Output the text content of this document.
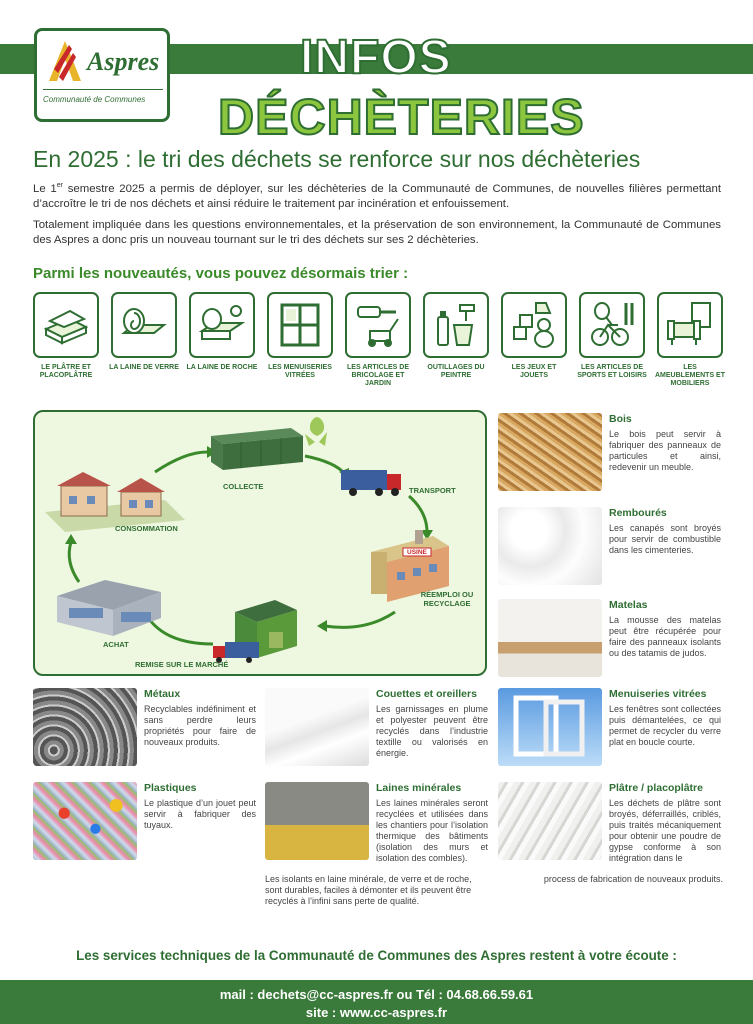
Aspres
Communauté de Communes
INFOS
DÉCHÈTERIES
En 2025 : le tri des déchets se renforce sur nos déchèteries

Le 1er semestre 2025 a permis de déployer, sur les déchèteries de la Communauté de Communes, de nouvelles filières permettant d’accroître le tri de nos déchets et ainsi réduire le traitement par incinération et enfouissement.

Totalement impliquée dans les questions environnementales, et la préservation de son environnement, la Communauté de Communes des Aspres a donc pris un nouveau tournant sur le tri des déchets sur ses 2 déchèteries.

Parmi les nouveautés, vous pouvez désormais trier :
LE PLÂTRE ET PLACOPLÂTRE
LA LAINE DE VERRE	LA LAINE DE ROCHE	LES MENUISERIES VITRÉES
LES ARTICLES DE BRICOLAGE ET JARDIN
OUTILLAGES DU PEINTRE
LES JEUX ET JOUETS
LES ARTICLES DE SPORTS ET LOISIRS
LES AMEUBLEMENTS ET MOBILIERS
COLLECTE	TRANSPORT
RÉEMPLOI OU RECYCLAGE
REMISE SUR LE MARCHÉ
ACHAT
CONSOMMATION
USINE
Bois
Le bois peut servir à fabriquer des panneaux de particules et ainsi, redevenir un meuble.
Rembourés
Les canapés sont broyés pour servir de combustible dans les cimenteries.
Matelas
La mousse des matelas peut être récupérée pour faire des panneaux isolants ou des tatamis de judos.
Métaux
Recyclables indéfiniment et sans perdre leurs propriétés pour faire de nouveaux produits.
Plastiques
Le plastique d’un jouet peut servir à fabriquer des tuyaux.
Couettes et oreillers
Les garnissages en plume et polyester peuvent être recyclés dans l’industrie textille ou valorisés en énergie.
Laines minérales
Les laines minérales seront recyclées et utilisées dans les chantiers pour l’isolation thermique des bâtiments (isolation des murs et isolation des combles).
Les isolants en laine minérale, de verre et de roche, sont durables, faciles à démonter et ils peuvent être recyclés à l’infini sans perte de qualité.
Menuiseries vitrées
Les fenêtres sont collectées puis démantelées, ce qui permet de recycler du verre plat en boucle courte.
Plâtre / placoplâtre
Les déchets de plâtre sont broyés, déferraillés, criblés, puis traités mécaniquement pour obtenir une poudre de gypse conforme à son intégration dans le
process de fabrication de nouveaux produits.
Les services techniques de la Communauté de Communes des Aspres restent à votre écoute :
mail : dechets@cc-aspres.fr ou Tél : 04.68.66.59.61
site : www.cc-aspres.fr
